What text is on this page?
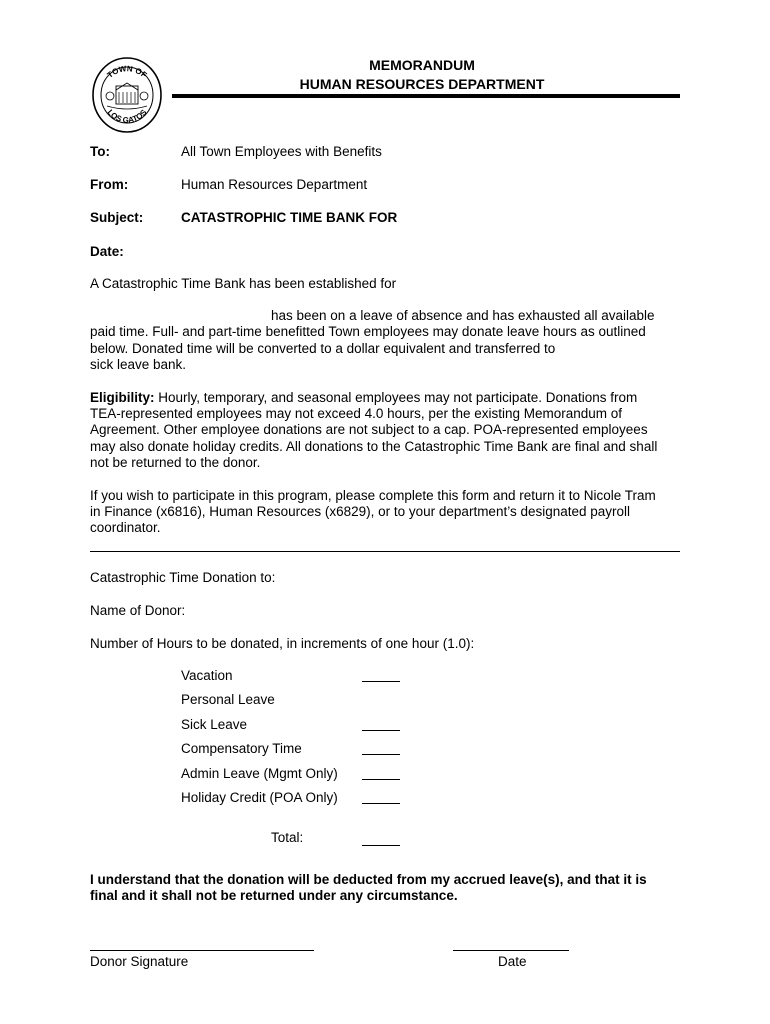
TOWN OF
LOS GATOS
MEMORANDUM
HUMAN RESOURCES DEPARTMENT
To:	All Town Employees with Benefits
From:	Human Resources Department
Subject:	CATASTROPHIC TIME BANK FOR
Date:
A Catastrophic Time Bank has been established for
has been on a leave of absence and has exhausted all available
paid time. Full- and part-time benefitted Town employees may donate leave hours as outlined
below. Donated time will be converted to a dollar equivalent and transferred to
sick leave bank.
Eligibility: Hourly, temporary, and seasonal employees may not participate. Donations from
TEA-represented employees may not exceed 4.0 hours, per the existing Memorandum of
Agreement. Other employee donations are not subject to a cap. POA-represented employees
may also donate holiday credits. All donations to the Catastrophic Time Bank are final and shall
not be returned to the donor.
If you wish to participate in this program, please complete this form and return it to Nicole Tram
in Finance (x6816), Human Resources (x6829), or to your department’s designated payroll
coordinator.
Catastrophic Time Donation to:
Name of Donor:
Number of Hours to be donated, in increments of one hour (1.0):
Vacation
Personal Leave
Sick Leave
Compensatory Time
Admin Leave (Mgmt Only)
Holiday Credit (POA Only)
Total:
I understand that the donation will be deducted from my accrued leave(s), and that it is
final and it shall not be returned under any circumstance.
Donor Signature	Date
